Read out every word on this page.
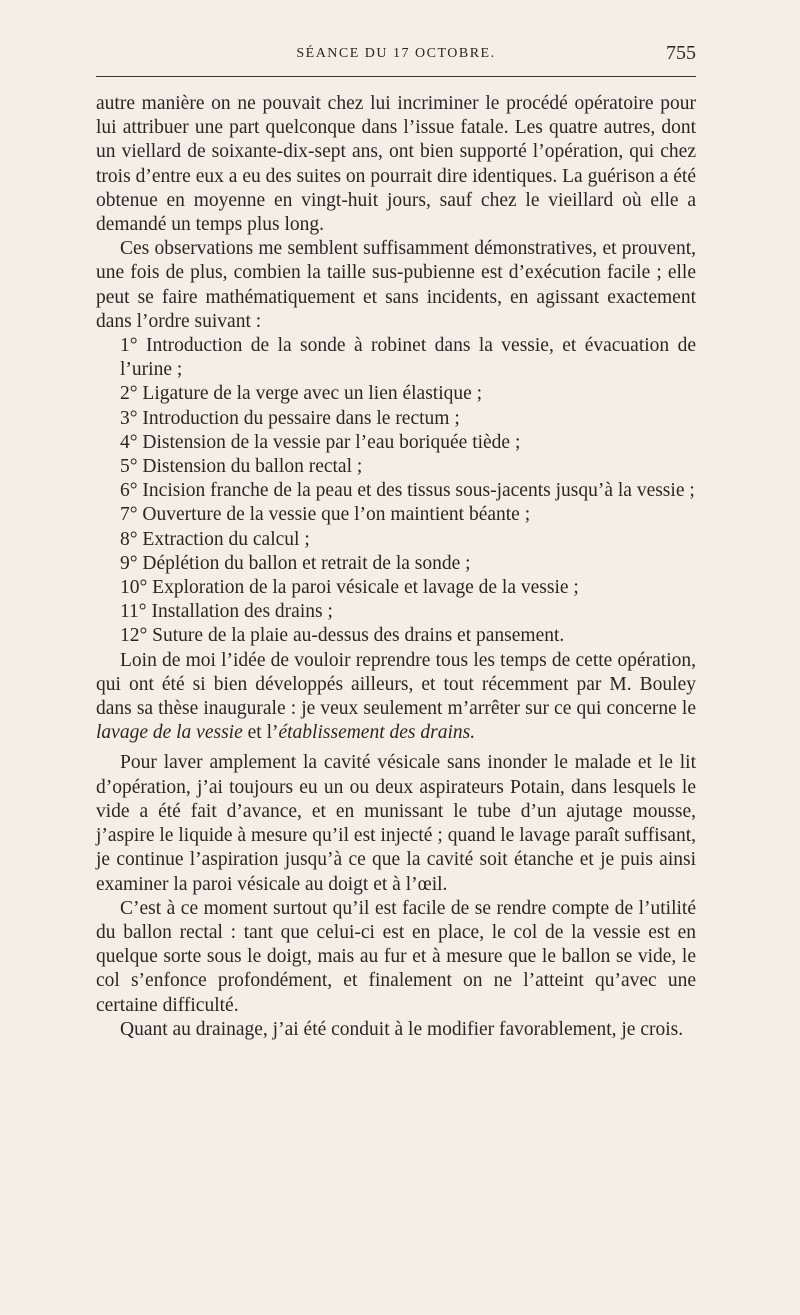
SÉANCE DU 17 OCTOBRE.	755

autre manière on ne pouvait chez lui incriminer le procédé opératoire pour lui attribuer une part quelconque dans l’issue fatale. Les quatre autres, dont un viellard de soixante-dix-sept ans, ont bien supporté l’opération, qui chez trois d’entre eux a eu des suites on pourrait dire identiques. La guérison a été obtenue en moyenne en vingt-huit jours, sauf chez le vieillard où elle a demandé un temps plus long.

Ces observations me semblent suffisamment démonstratives, et prouvent, une fois de plus, combien la taille sus-pubienne est d’exécution facile ; elle peut se faire mathématiquement et sans incidents, en agissant exactement dans l’ordre suivant :

1° Introduction de la sonde à robinet dans la vessie, et évacuation de l’urine ;

2° Ligature de la verge avec un lien élastique ;

3° Introduction du pessaire dans le rectum ;

4° Distension de la vessie par l’eau boriquée tiède ;

5° Distension du ballon rectal ;

6° Incision franche de la peau et des tissus sous-jacents jusqu’à la vessie ;

7° Ouverture de la vessie que l’on maintient béante ;

8° Extraction du calcul ;

9° Déplétion du ballon et retrait de la sonde ;

10° Exploration de la paroi vésicale et lavage de la vessie ;

11° Installation des drains ;

12° Suture de la plaie au-dessus des drains et pansement.

Loin de moi l’idée de vouloir reprendre tous les temps de cette opération, qui ont été si bien développés ailleurs, et tout récemment par M. Bouley dans sa thèse inaugurale : je veux seulement m’arrêter sur ce qui concerne le lavage de la vessie et l’établissement des drains.

Pour laver amplement la cavité vésicale sans inonder le malade et le lit d’opération, j’ai toujours eu un ou deux aspirateurs Potain, dans lesquels le vide a été fait d’avance, et en munissant le tube d’un ajutage mousse, j’aspire le liquide à mesure qu’il est injecté ; quand le lavage paraît suffisant, je continue l’aspiration jusqu’à ce que la cavité soit étanche et je puis ainsi examiner la paroi vésicale au doigt et à l’œil.

C’est à ce moment surtout qu’il est facile de se rendre compte de l’utilité du ballon rectal : tant que celui-ci est en place, le col de la vessie est en quelque sorte sous le doigt, mais au fur et à mesure que le ballon se vide, le col s’enfonce profondément, et finalement on ne l’atteint qu’avec une certaine difficulté.

Quant au drainage, j’ai été conduit à le modifier favorablement, je crois.
